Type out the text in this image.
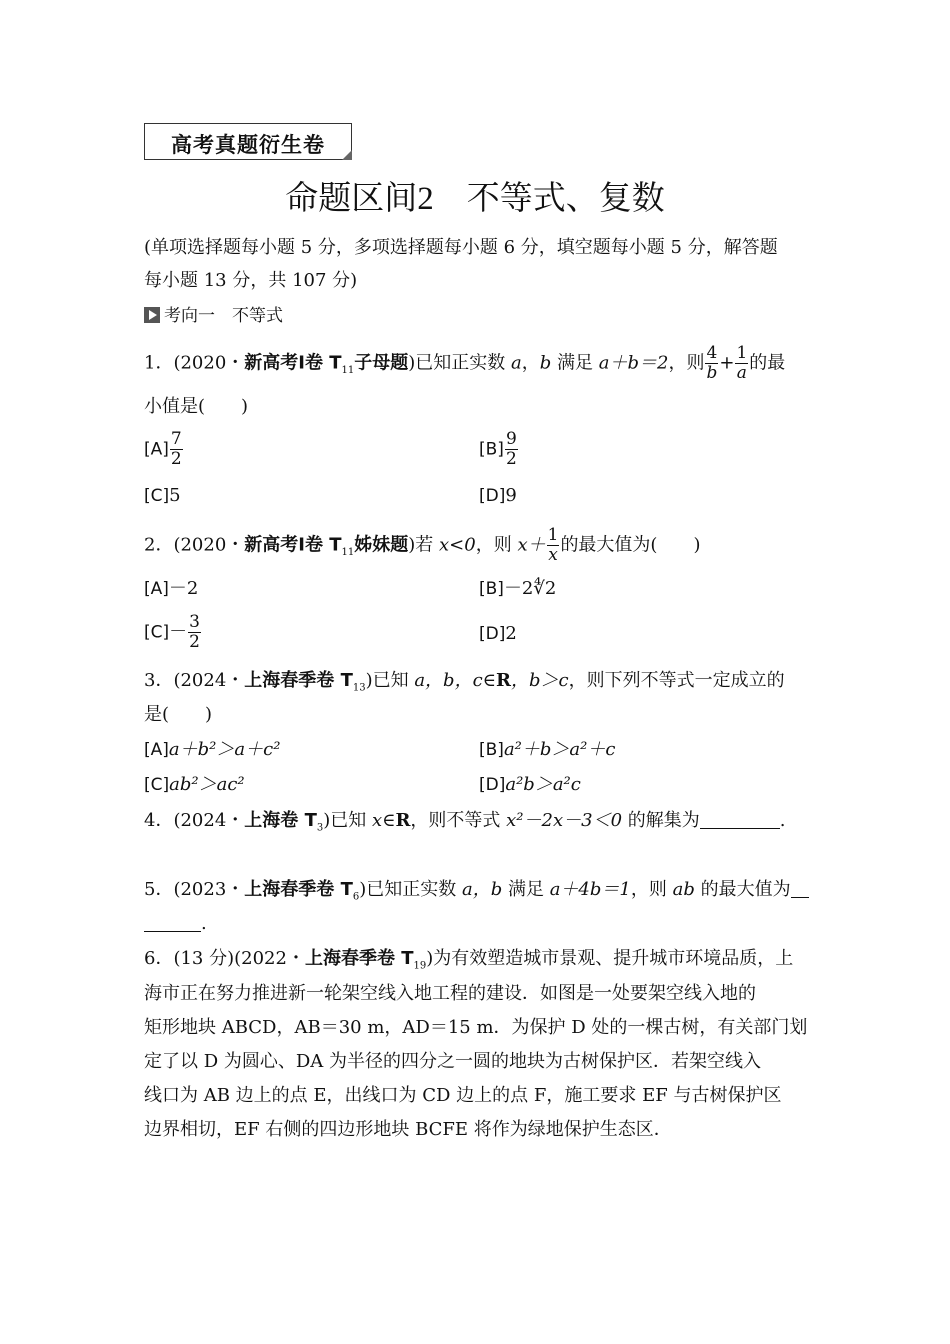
高考真题衍生卷
命题区间2　 不等式、复数
(单项选择题每小题 5 分，多项选择题每小题 6 分，填空题每小题 5 分，解答题
每小题 13 分，共 107 分)
考向一　不等式
1．(2020・新高考Ⅰ卷 $T_{11}$子母题)已知正实数 a，b 满足 a＋b＝2，则 $\frac{4}{b} + \frac{1}{a}$ 的最
小值是(　　)
$[A] \frac{7}{2}$	$[B] \frac{9}{2}$
[C]5	[D]9
2．(2020・新高考Ⅰ卷 $T_{11}$姊妹题)若 x<0，则 $x+ \frac{1}{x}$ 的最大值为(　　)
[A]－2	[B]－2∜2
$[C]- \frac{3}{2}$	[D]2
3．(2024・上海春季卷 $T_{13}$)已知 a，b，c∈R，b＞c，则下列不等式一定成立的
是(　　)
[A]a＋b²＞a＋c²	[B]a²＋b＞a²＋c
[C]ab²＞ac²	[D]a²b＞a²c
4．(2024・上海卷 $T_3$)已知 x∈R，则不等式 x²－2x－3＜0 的解集为	.
5．(2023・上海春季卷 $T_6$)已知正实数 a，b 满足 a＋4b＝1，则 ab 的最大值为
.
6．(13 分)(2022・上海春季卷 $T_{19}$)为有效塑造城市景观、提升城市环境品质，上
海市正在努力推进新一轮架空线入地工程的建设．如图是一处要架空线入地的
矩形地块 ABCD，AB＝30 m，AD＝15 m．为保护 D 处的一棵古树，有关部门划
定了以 D 为圆心、DA 为半径的四分之一圆的地块为古树保护区．若架空线入
线口为 AB 边上的点 E，出线口为 CD 边上的点 F，施工要求 EF 与古树保护区
边界相切，EF 右侧的四边形地块 BCFE 将作为绿地保护生态区．
